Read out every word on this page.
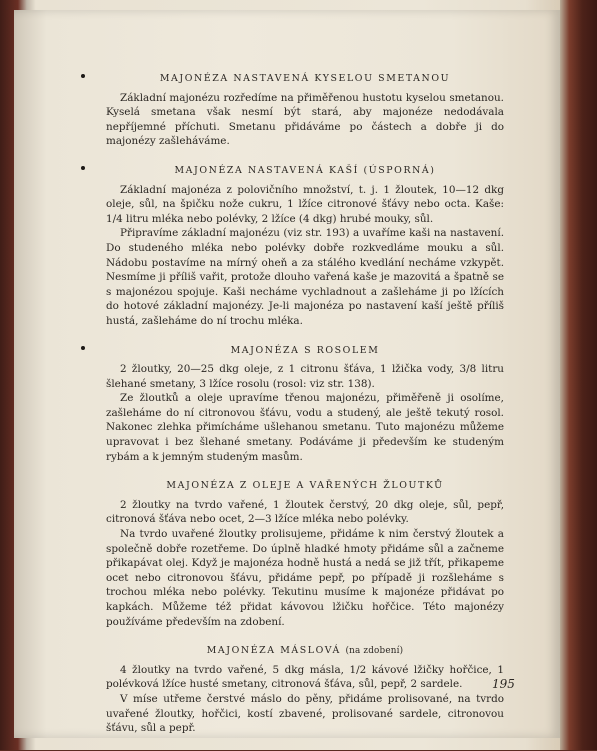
MAJONÉZA NASTAVENÁ KYSELOU SMETANOU

Základní majonézu rozředíme na přiměřenou hustotu kyselou smetanou. Kyselá smetana však nesmí být stará, aby majonéze nedodávala nepříjemné příchuti. Smetanu přidáváme po částech a dobře ji do majonézy zašleháváme.

MAJONÉZA NASTAVENÁ KAŠÍ (ÚSPORNÁ)

Základní majonéza z polovičního množství, t. j. 1 žloutek, 10—12 dkg oleje, sůl, na špičku nože cukru, 1 lžíce citronové šťávy nebo octa. Kaše: 1/4 litru mléka nebo polévky, 2 lžíce (4 dkg) hrubé mouky, sůl.

Připravíme základní majonézu (viz str. 193) a uvaříme kaši na nastavení. Do studeného mléka nebo polévky dobře rozkvedláme mouku a sůl. Nádobu postavíme na mírný oheň a za stálého kvedlání necháme vzkypět. Nesmíme ji příliš vařit, protože dlouho vařená kaše je mazovitá a špatně se s majonézou spojuje. Kaši necháme vychladnout a zašleháme ji po lžících do hotové základní majonézy. Je-li majonéza po nastavení kaší ještě příliš hustá, zašleháme do ní trochu mléka.

MAJONÉZA S ROSOLEM

2 žloutky, 20—25 dkg oleje, z 1 citronu šťáva, 1 lžička vody, 3/8 litru šlehané smetany, 3 lžíce rosolu (rosol: viz str. 138).

Ze žloutků a oleje upravíme třenou majonézu, přiměřeně ji osolíme, zašleháme do ní citronovou šťávu, vodu a studený, ale ještě tekutý rosol. Nakonec zlehka přimícháme ušlehanou smetanu. Tuto majonézu můžeme upravovat i bez šlehané smetany. Podáváme ji především ke studeným rybám a k jemným studeným masům.

MAJONÉZA Z OLEJE A VAŘENÝCH ŽLOUTKŮ

2 žloutky na tvrdo vařené, 1 žloutek čerstvý, 20 dkg oleje, sůl, pepř, citronová šťáva nebo ocet, 2—3 lžíce mléka nebo polévky.

Na tvrdo uvařené žloutky prolisujeme, přidáme k nim čerstvý žloutek a společně dobře rozetřeme. Do úplně hladké hmoty přidáme sůl a začneme přikapávat olej. Když je majonéza hodně hustá a nedá se již třít, přikapeme ocet nebo citronovou šťávu, přidáme pepř, po případě ji rozšleháme s trochou mléka nebo polévky. Tekutinu musíme k majonéze přidávat po kapkách. Můžeme též přidat kávovou lžičku hořčice. Této majonézy používáme především na zdobení.

MAJONÉZA MÁSLOVÁ (na zdobení)

4 žloutky na tvrdo vařené, 5 dkg másla, 1/2 kávové lžičky hořčice, 1 polévková lžíce husté smetany, citronová šťáva, sůl, pepř, 2 sardele.

V míse utřeme čerstvé máslo do pěny, přidáme prolisované, na tvrdo uvařené žloutky, hořčici, kostí zbavené, prolisované sardele, citronovou šťávu, sůl a pepř.

195
